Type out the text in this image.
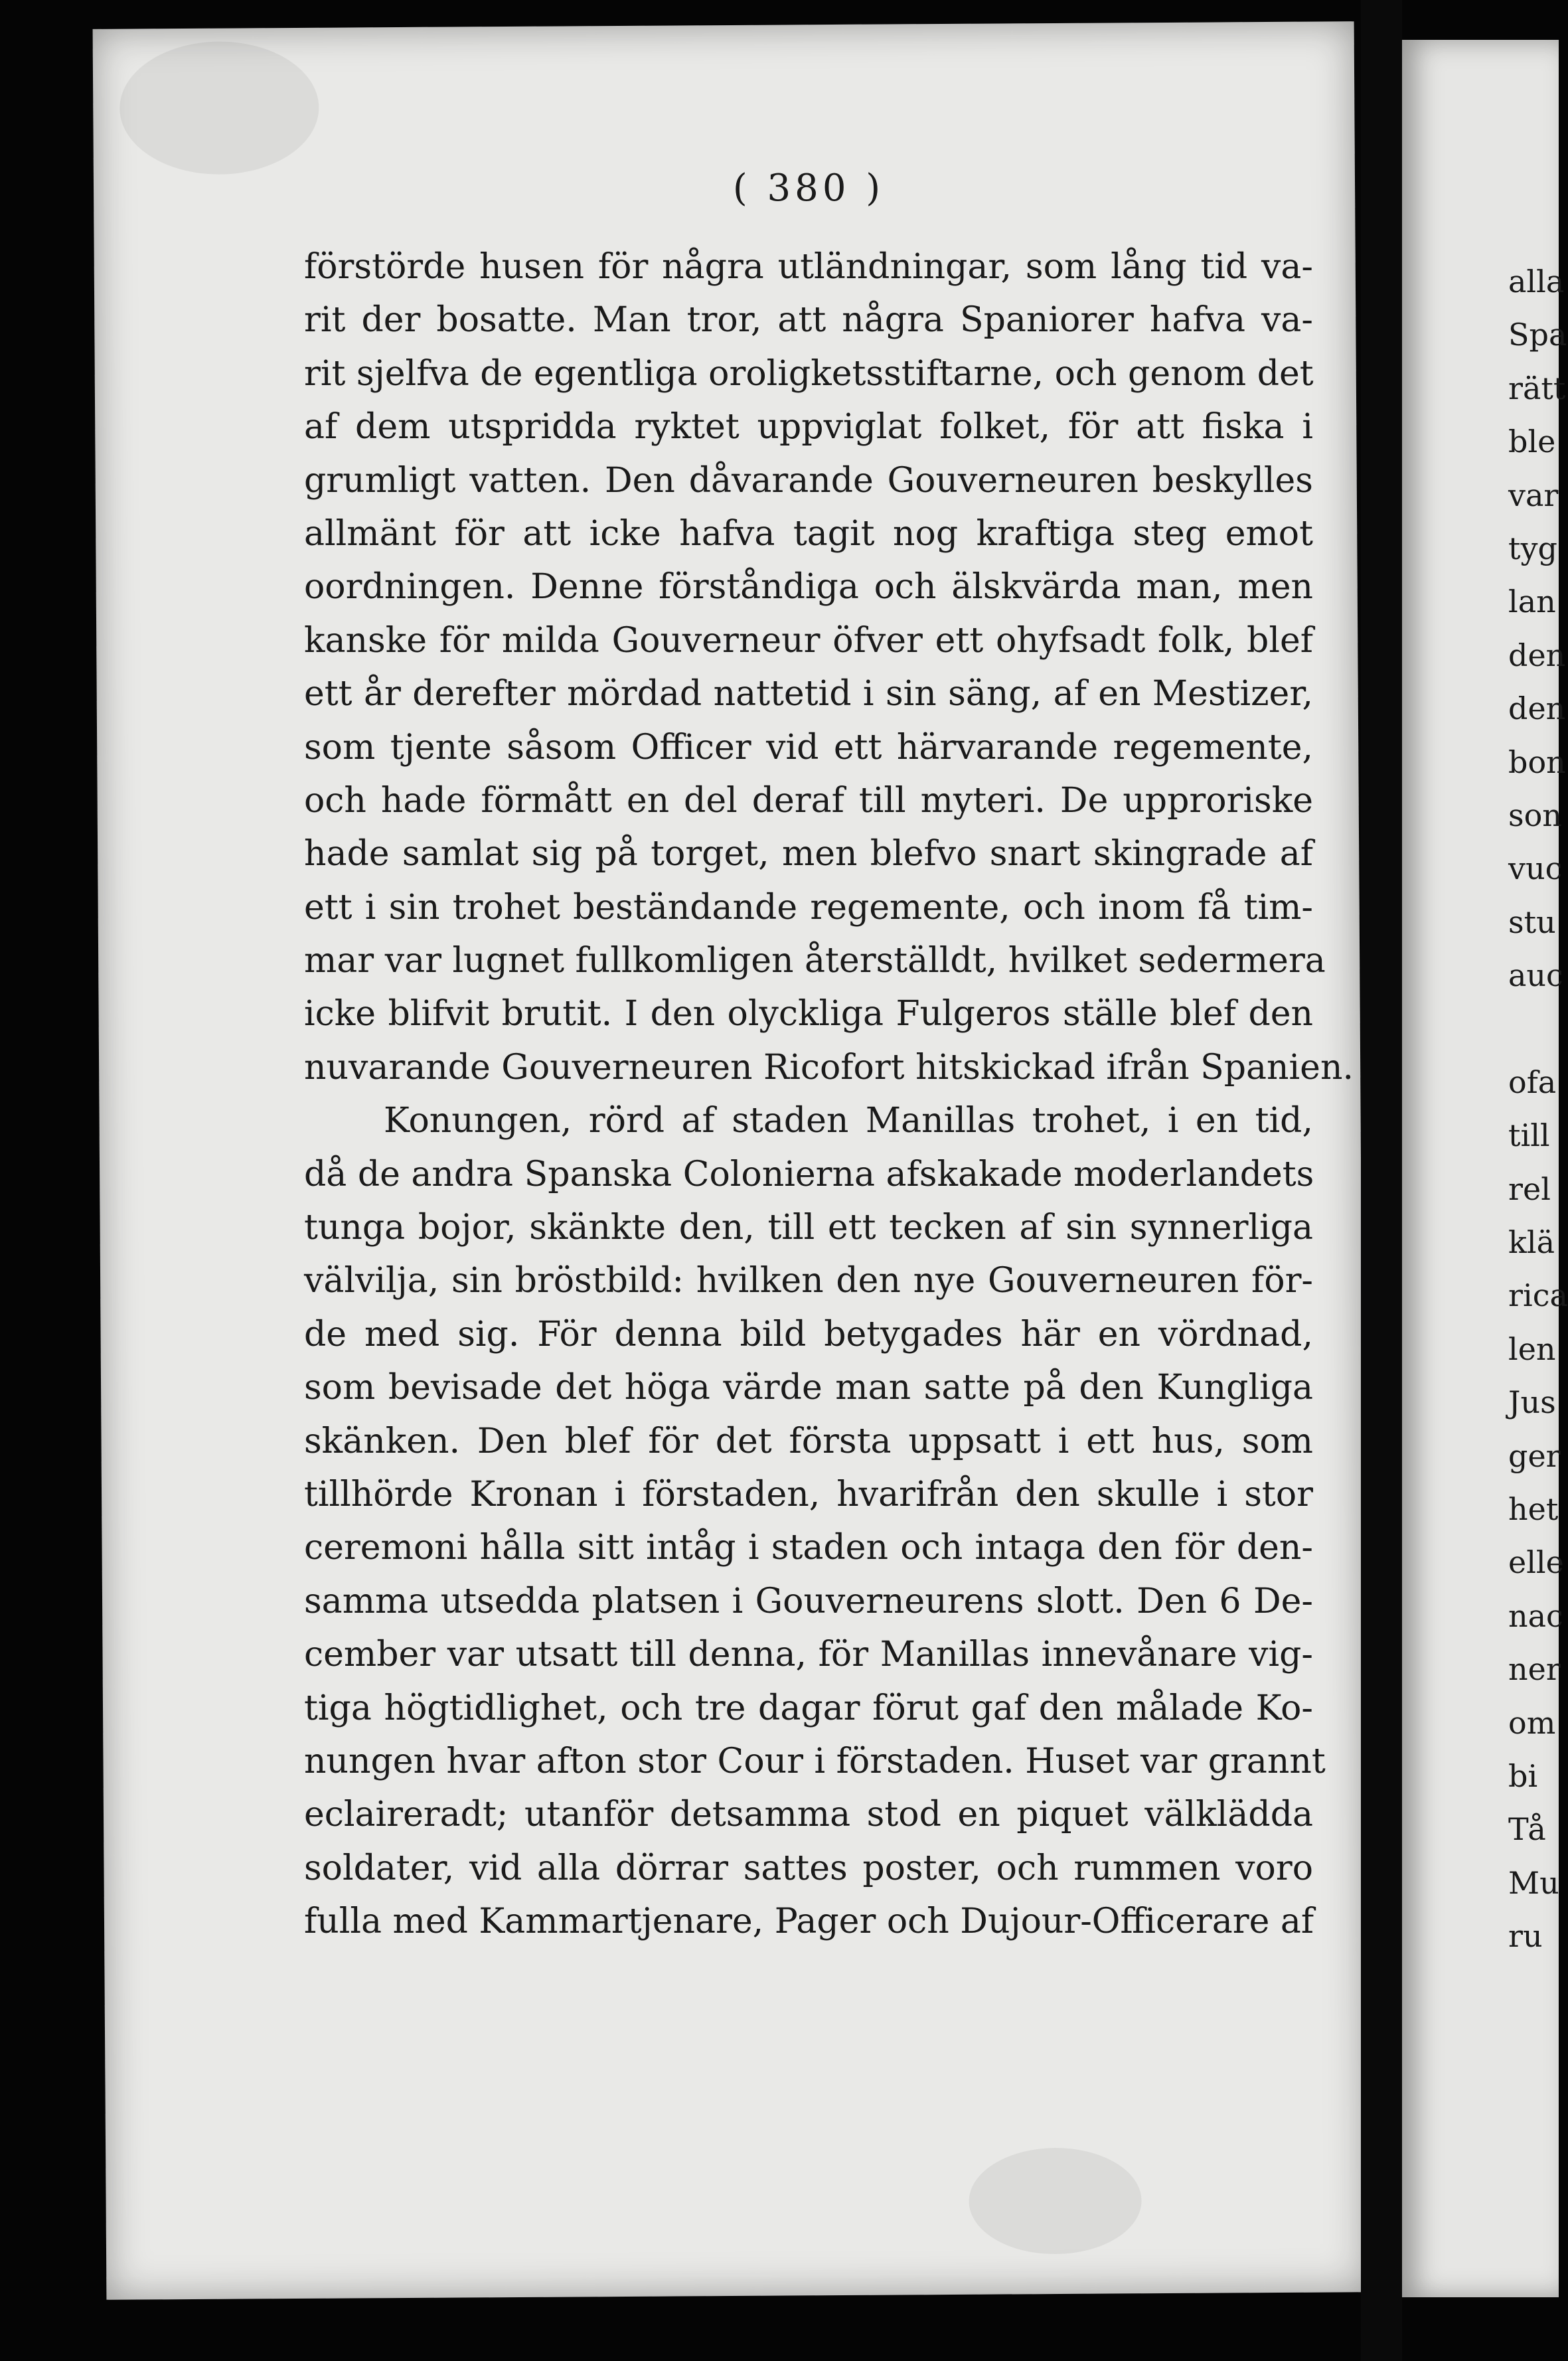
( 380 )
förstörde husen för några utländningar, som lång tid va-
rit der bosatte. Man tror, att några Spaniorer hafva va-
rit sjelfva de egentliga oroligketsstiftarne, och genom det
af dem utspridda ryktet uppviglat folket, för att fiska i
grumligt vatten. Den dåvarande Gouverneuren beskylles
allmänt för att icke hafva tagit nog kraftiga steg emot
oordningen. Denne förståndiga och älskvärda man, men
kanske för milda Gouverneur öfver ett ohyfsadt folk, blef
ett år derefter mördad nattetid i sin säng, af en Mestizer,
som tjente såsom Officer vid ett härvarande regemente,
och hade förmått en del deraf till myteri. De upproriske
hade samlat sig på torget, men blefvo snart skingrade af
ett i sin trohet beständande regemente, och inom få tim-
mar var lugnet fullkomligen återställdt, hvilket sedermera
icke blifvit brutit. I den olyckliga Fulgeros ställe blef den
nuvarande Gouverneuren Ricofort hitskickad ifrån Spanien.
Konungen, rörd af staden Manillas trohet, i en tid,
då de andra Spanska Colonierna afskakade moderlandets
tunga bojor, skänkte den, till ett tecken af sin synnerliga
välvilja, sin bröstbild: hvilken den nye Gouverneuren för-
de med sig. För denna bild betygades här en vördnad,
som bevisade det höga värde man satte på den Kungliga
skänken. Den blef för det första uppsatt i ett hus, som
tillhörde Kronan i förstaden, hvarifrån den skulle i stor
ceremoni hålla sitt intåg i staden och intaga den för den-
samma utsedda platsen i Gouverneurens slott. Den 6 De-
cember var utsatt till denna, för Manillas innevånare vig-
tiga högtidlighet, och tre dagar förut gaf den målade Ko-
nungen hvar afton stor Cour i förstaden. Huset var grannt
eclaireradt; utanför detsamma stod en piquet välklädda
soldater, vid alla dörrar sattes poster, och rummen voro
fulla med Kammartjenare, Pager och Dujour-Officerare af
alla
Spa
rätt
ble
var
tyg
lan
den
den
bon
son
vuc
stu
auc
ofa
till
rel
klä
rica
len
Jus
ger
het
elle
nac
ner
om
bi
Tå
Mu
ru
